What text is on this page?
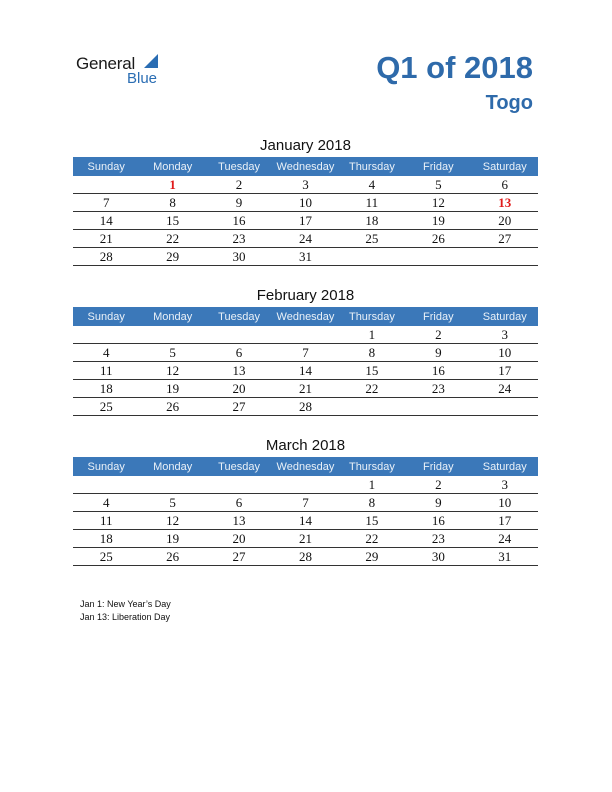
General
Blue	Q1 of 2018
Togo
January 2018
Sunday	Monday	Tuesday	Wednesday	Thursday	Friday	Saturday
	1	2	3	4	5	6
7	8	9	10	11	12	13
14	15	16	17	18	19	20
21	22	23	24	25	26	27
28	29	30	31			
February 2018
Sunday	Monday	Tuesday	Wednesday	Thursday	Friday	Saturday
				1	2	3
4	5	6	7	8	9	10
11	12	13	14	15	16	17
18	19	20	21	22	23	24
25	26	27	28			
March 2018
Sunday	Monday	Tuesday	Wednesday	Thursday	Friday	Saturday
				1	2	3
4	5	6	7	8	9	10
11	12	13	14	15	16	17
18	19	20	21	22	23	24
25	26	27	28	29	30	31
Jan 1: New Year’s Day
Jan 13: Liberation Day
